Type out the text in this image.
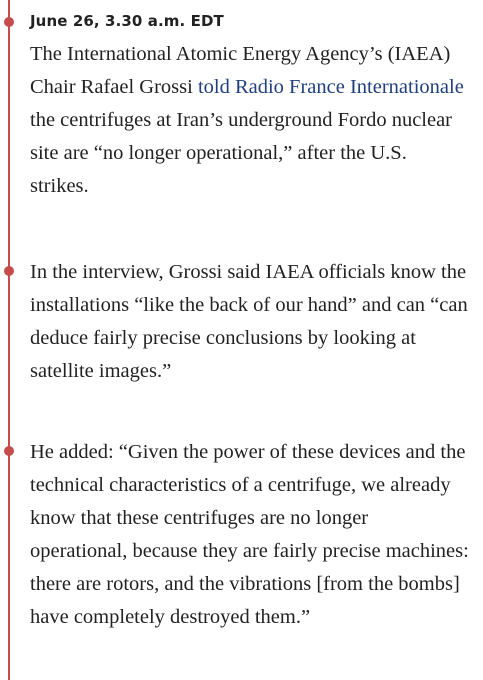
June 26, 3.30 a.m. EDT

The International Atomic Energy Agency’s (IAEA) Chair Rafael Grossi told Radio France Internationale the centrifuges at Iran’s underground Fordo nuclear site are “no longer operational,” after the U.S. strikes.

In the interview, Grossi said IAEA officials know the installations “like the back of our hand” and can “can deduce fairly precise conclusions by looking at satellite images.”

He added: “Given the power of these devices and the technical characteristics of a centrifuge, we already know that these centrifuges are no longer operational, because they are fairly precise machines: there are rotors, and the vibrations [from the bombs] have completely destroyed them.”
